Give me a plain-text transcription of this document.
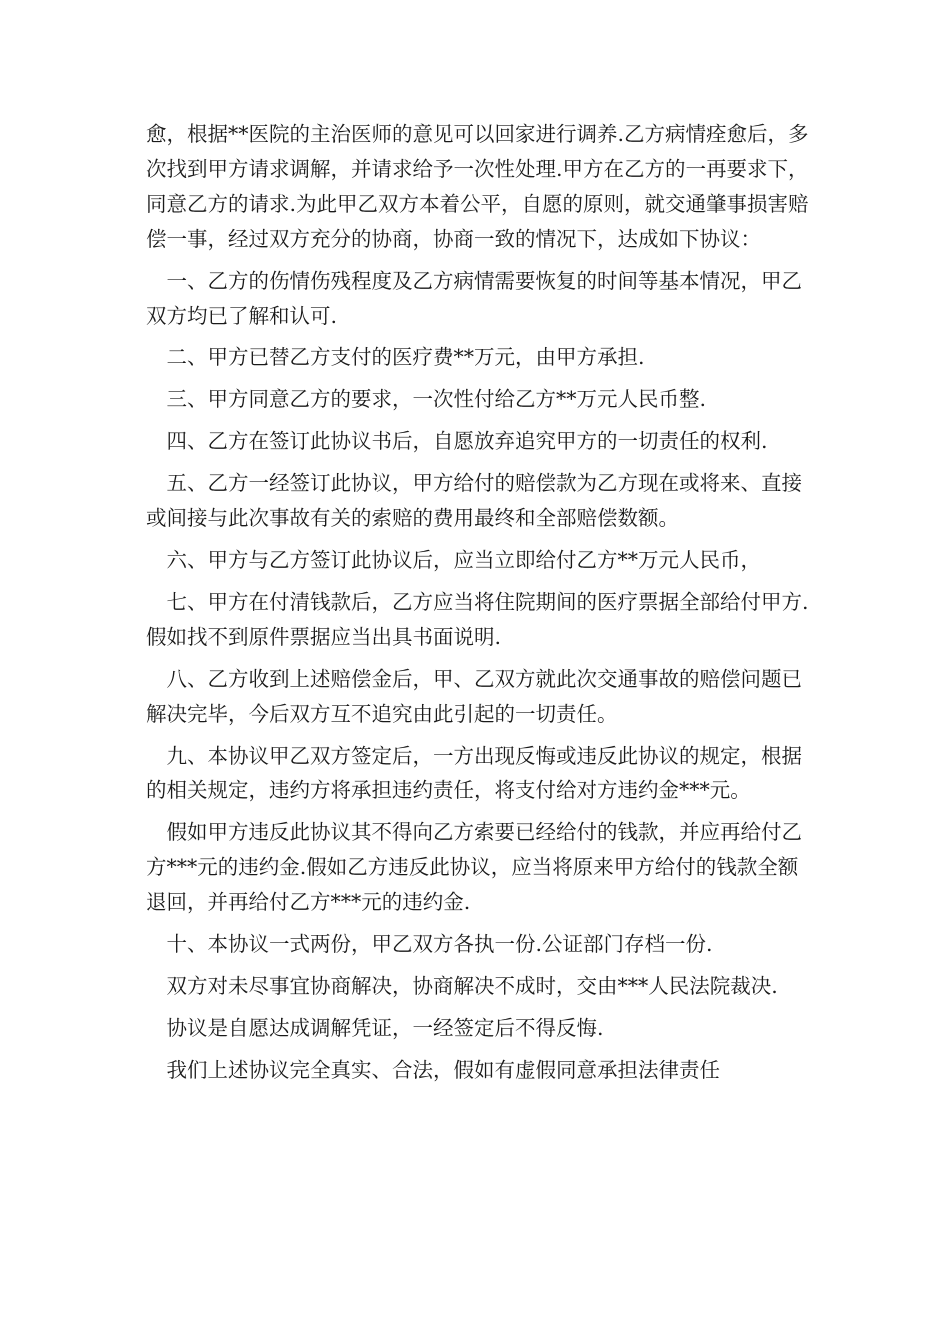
愈，根据**医院的主治医师的意见可以回家进行调养.乙方病情痊愈后，多次找到甲方请求调解，并请求给予一次性处理.甲方在乙方的一再要求下，同意乙方的请求.为此甲乙双方本着公平，自愿的原则，就交通肇事损害赔偿一事，经过双方充分的协商，协商一致的情况下，达成如下协议：

　一、乙方的伤情伤残程度及乙方病情需要恢复的时间等基本情况，甲乙双方均已了解和认可.

　二、甲方已替乙方支付的医疗费**万元，由甲方承担.

　三、甲方同意乙方的要求，一次性付给乙方**万元人民币整.

　四、乙方在签订此协议书后，自愿放弃追究甲方的一切责任的权利.

　五、乙方一经签订此协议，甲方给付的赔偿款为乙方现在或将来、直接或间接与此次事故有关的索赔的费用最终和全部赔偿数额。

　六、甲方与乙方签订此协议后，应当立即给付乙方**万元人民币，

　七、甲方在付清钱款后，乙方应当将住院期间的医疗票据全部给付甲方.假如找不到原件票据应当出具书面说明.

　八、乙方收到上述赔偿金后，甲、乙双方就此次交通事故的赔偿问题已解决完毕，今后双方互不追究由此引起的一切责任。

　九、本协议甲乙双方签定后，一方出现反悔或违反此协议的规定，根据的相关规定，违约方将承担违约责任，将支付给对方违约金***元。

　假如甲方违反此协议其不得向乙方索要已经给付的钱款，并应再给付乙方***元的违约金.假如乙方违反此协议，应当将原来甲方给付的钱款全额退回，并再给付乙方***元的违约金.

　十、本协议一式两份，甲乙双方各执一份.公证部门存档一份.

　双方对未尽事宜协商解决，协商解决不成时，交由***人民法院裁决.

　协议是自愿达成调解凭证，一经签定后不得反悔.

　我们上述协议完全真实、合法，假如有虚假同意承担法律责任
